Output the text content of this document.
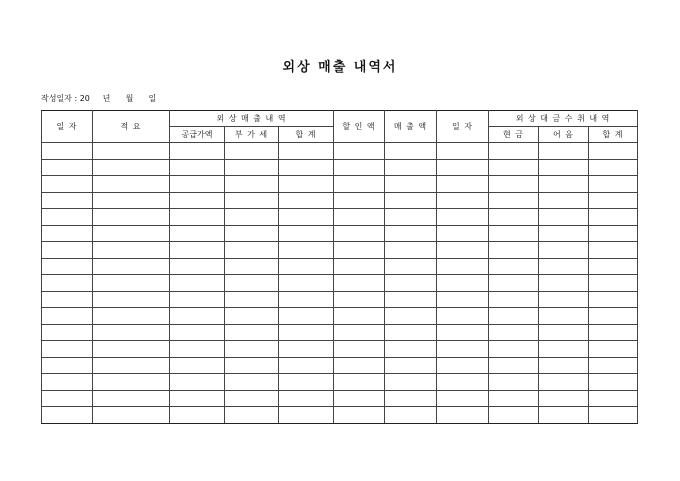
외상 매출 내역서
작성일자 : 20     년      월      일
일 자	적 요	외 상 매 출 내 역			할 인 액	매 출 액	일 자	외 상 대 금 수 취 내 역		
		공급가액	부 가 세	합 계				현 금	어 음	합 계
